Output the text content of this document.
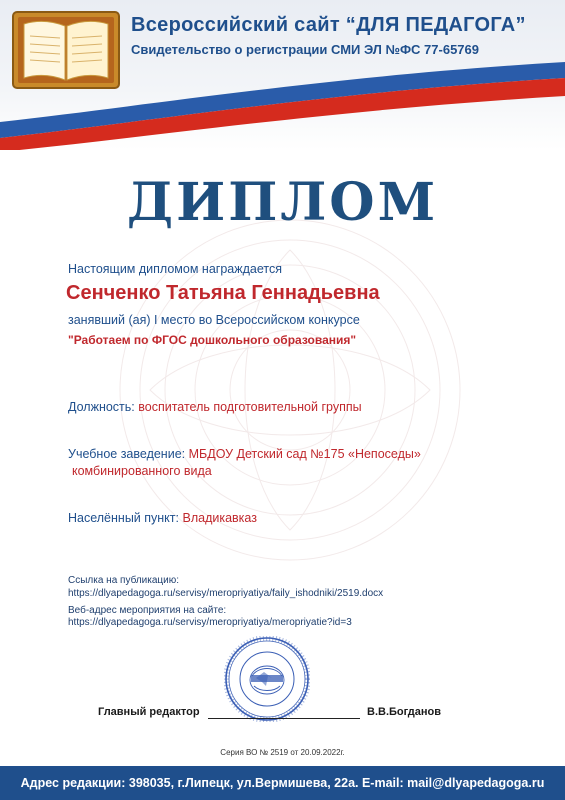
Всероссийский сайт “ДЛЯ ПЕДАГОГА”
Свидетельство о регистрации СМИ ЭЛ №ФС 77-65769
ДИПЛОМ
Настоящим дипломом награждается
Сенченко Татьяна Геннадьевна
занявший (ая) I место во Всероссийском конкурсе
"Работаем по ФГОС дошкольного образования"
Должность: воспитатель подготовительной группы
Учебное заведение: МБДОУ Детский сад №175 «Непоседы»
комбинированного вида
Населённый пункт: Владикавказ
Ссылка на публикацию:
https://dlyapedagoga.ru/servisy/meropriyatiya/faily_ishodniki/2519.docx
Веб-адрес мероприятия на сайте:
https://dlyapedagoga.ru/servisy/meropriyatiya/meropriyatie?id=3
Главный редактор	В.В.Богданов
Серия ВО № 2519 от 20.09.2022г.
Адрес редакции: 398035, г.Липецк, ул.Вермишева, 22а. E-mail: mail@dlyapedagoga.ru
